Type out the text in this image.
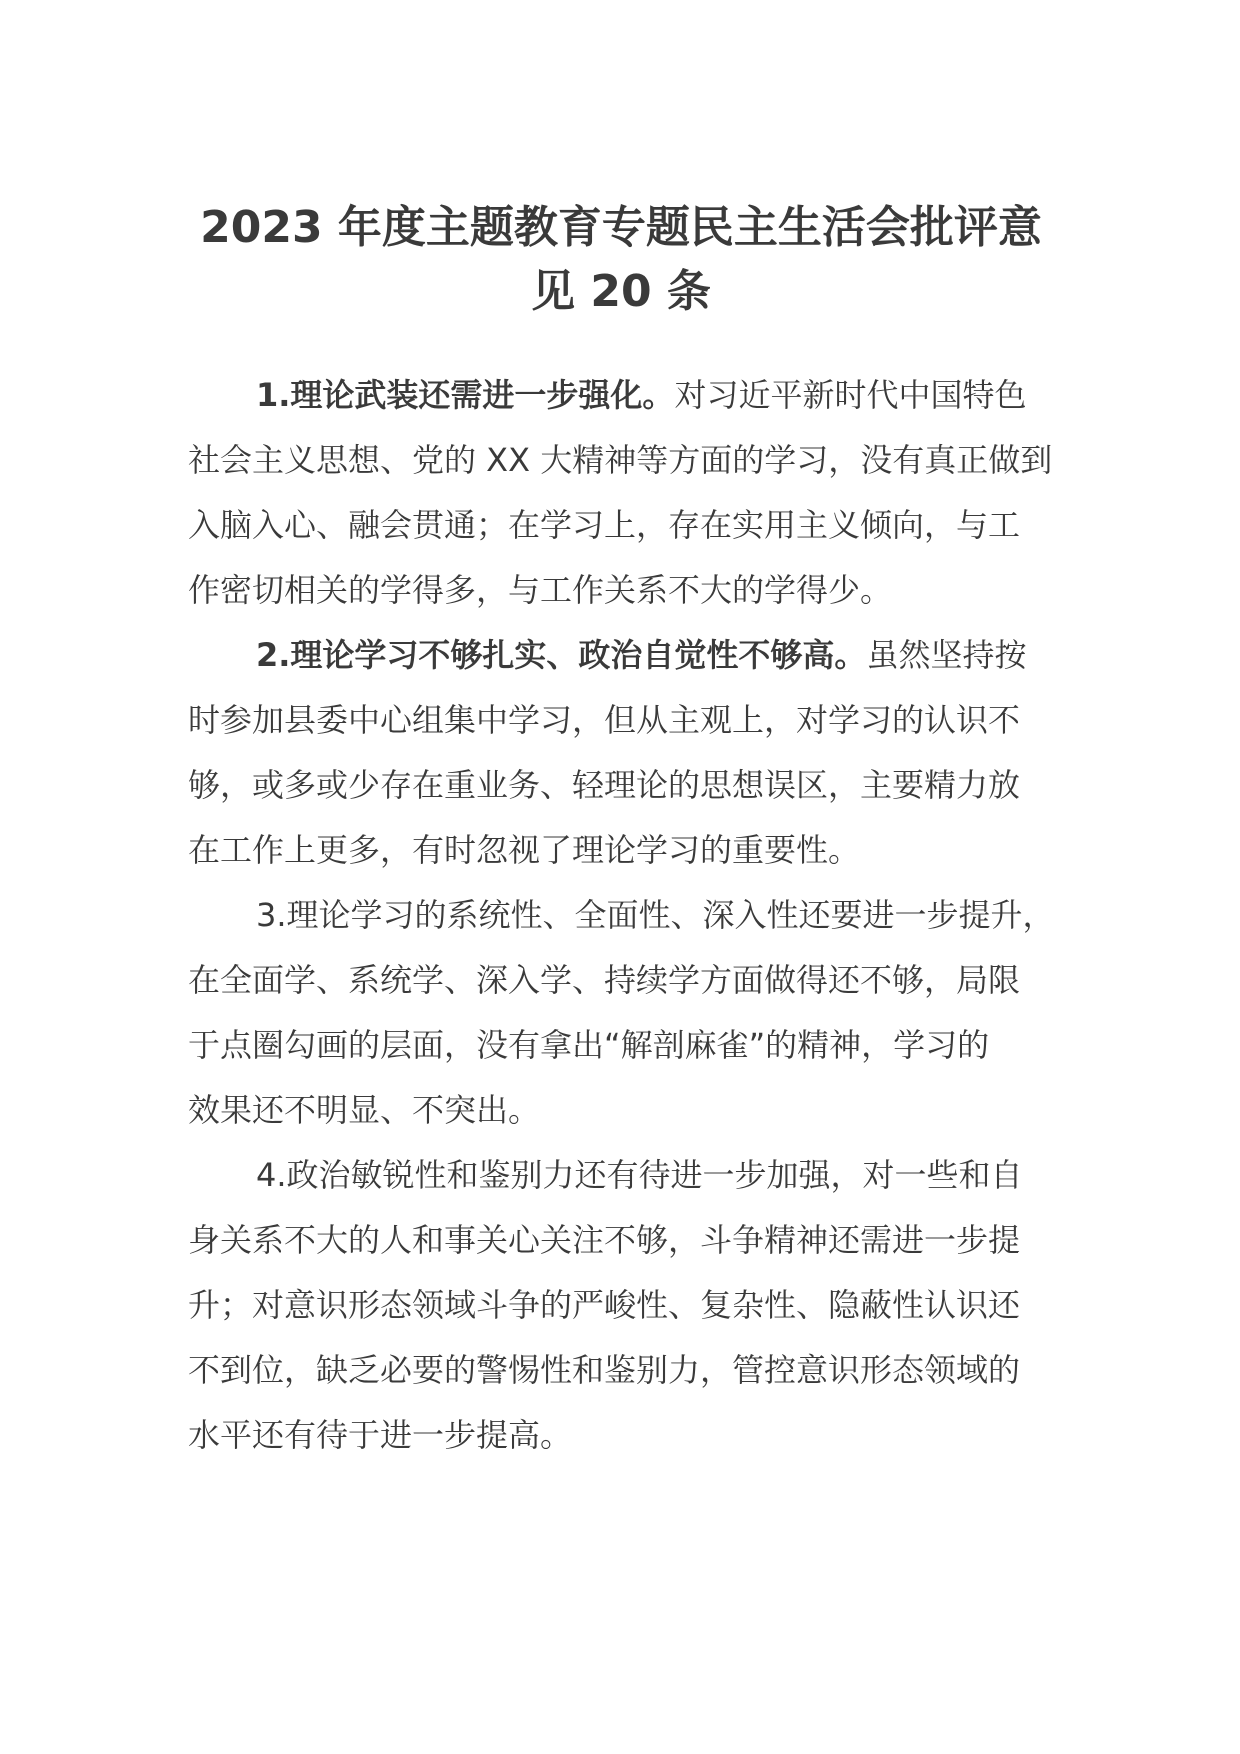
2023 年度主题教育专题民主生活会批评意
见 20 条

1.理论武装还需进一步强化。对习近平新时代中国特色
社会主义思想、党的 XX 大精神等方面的学习，没有真正做到
入脑入心、融会贯通；在学习上，存在实用主义倾向，与工
作密切相关的学得多，与工作关系不大的学得少。

2.理论学习不够扎实、政治自觉性不够高。虽然坚持按
时参加县委中心组集中学习，但从主观上，对学习的认识不
够，或多或少存在重业务、轻理论的思想误区，主要精力放
在工作上更多，有时忽视了理论学习的重要性。

3.理论学习的系统性、全面性、深入性还要进一步提升，
在全面学、系统学、深入学、持续学方面做得还不够，局限
于点圈勾画的层面，没有拿出“解剖麻雀”的精神，学习的
效果还不明显、不突出。

4.政治敏锐性和鉴别力还有待进一步加强，对一些和自
身关系不大的人和事关心关注不够，斗争精神还需进一步提
升；对意识形态领域斗争的严峻性、复杂性、隐蔽性认识还
不到位，缺乏必要的警惕性和鉴别力，管控意识形态领域的
水平还有待于进一步提高。
